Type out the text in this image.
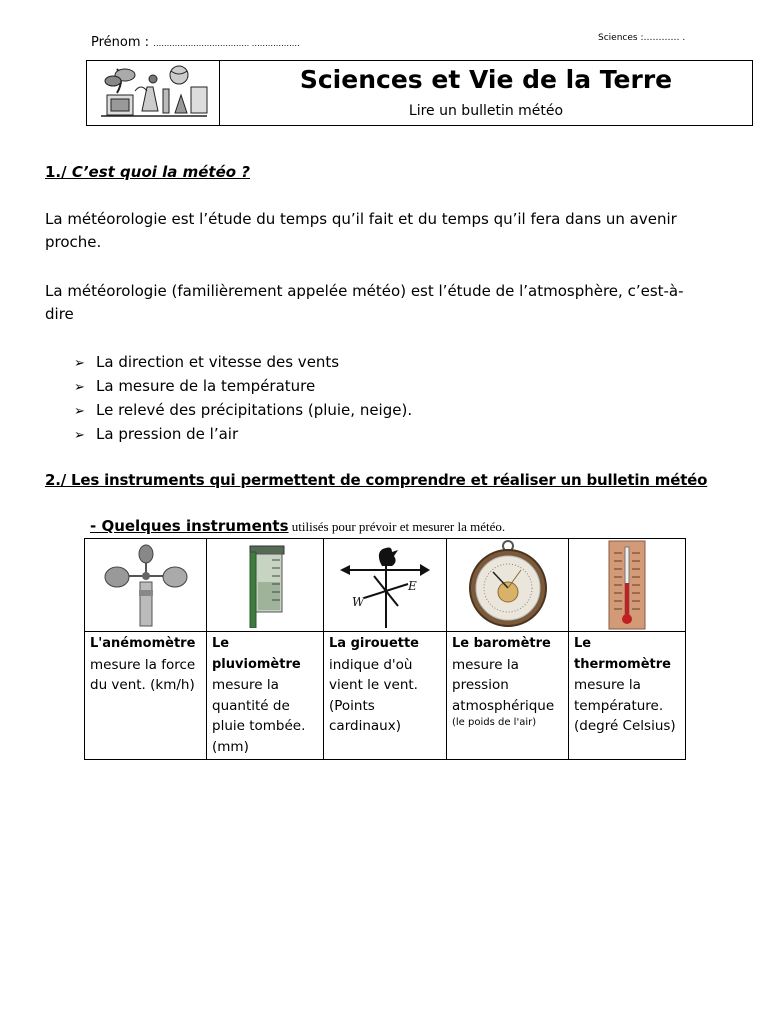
Prénom : ……………………………… ………………
Sciences :………… .
Sciences et Vie de la Terre
Lire un bulletin météo
1./ C’est quoi la météo ?
La météorologie est l’étude du temps qu’il fait et du temps qu’il fera dans un avenir proche.
La météorologie (familièrement appelée météo) est l’étude de l’atmosphère, c’est-à-dire
➢ La direction et vitesse des vents
➢ La mesure de la température
➢ Le relevé des précipitations (pluie, neige).
➢ La pression de l’air
2./ Les instruments qui permettent de comprendre et réaliser un bulletin météo
- Quelques instruments utilisés pour prévoir et mesurer la météo.

W
E

L'anémomètre
mesure la force du vent. (km/h)	Le pluviomètre
mesure la quantité de pluie tombée. (mm)	La girouette
indique d'où vient le vent. (Points cardinaux)	Le baromètre
mesure la pression atmosphérique
(le poids de l'air)	Le thermomètre
mesure la température. (degré Celsius)
